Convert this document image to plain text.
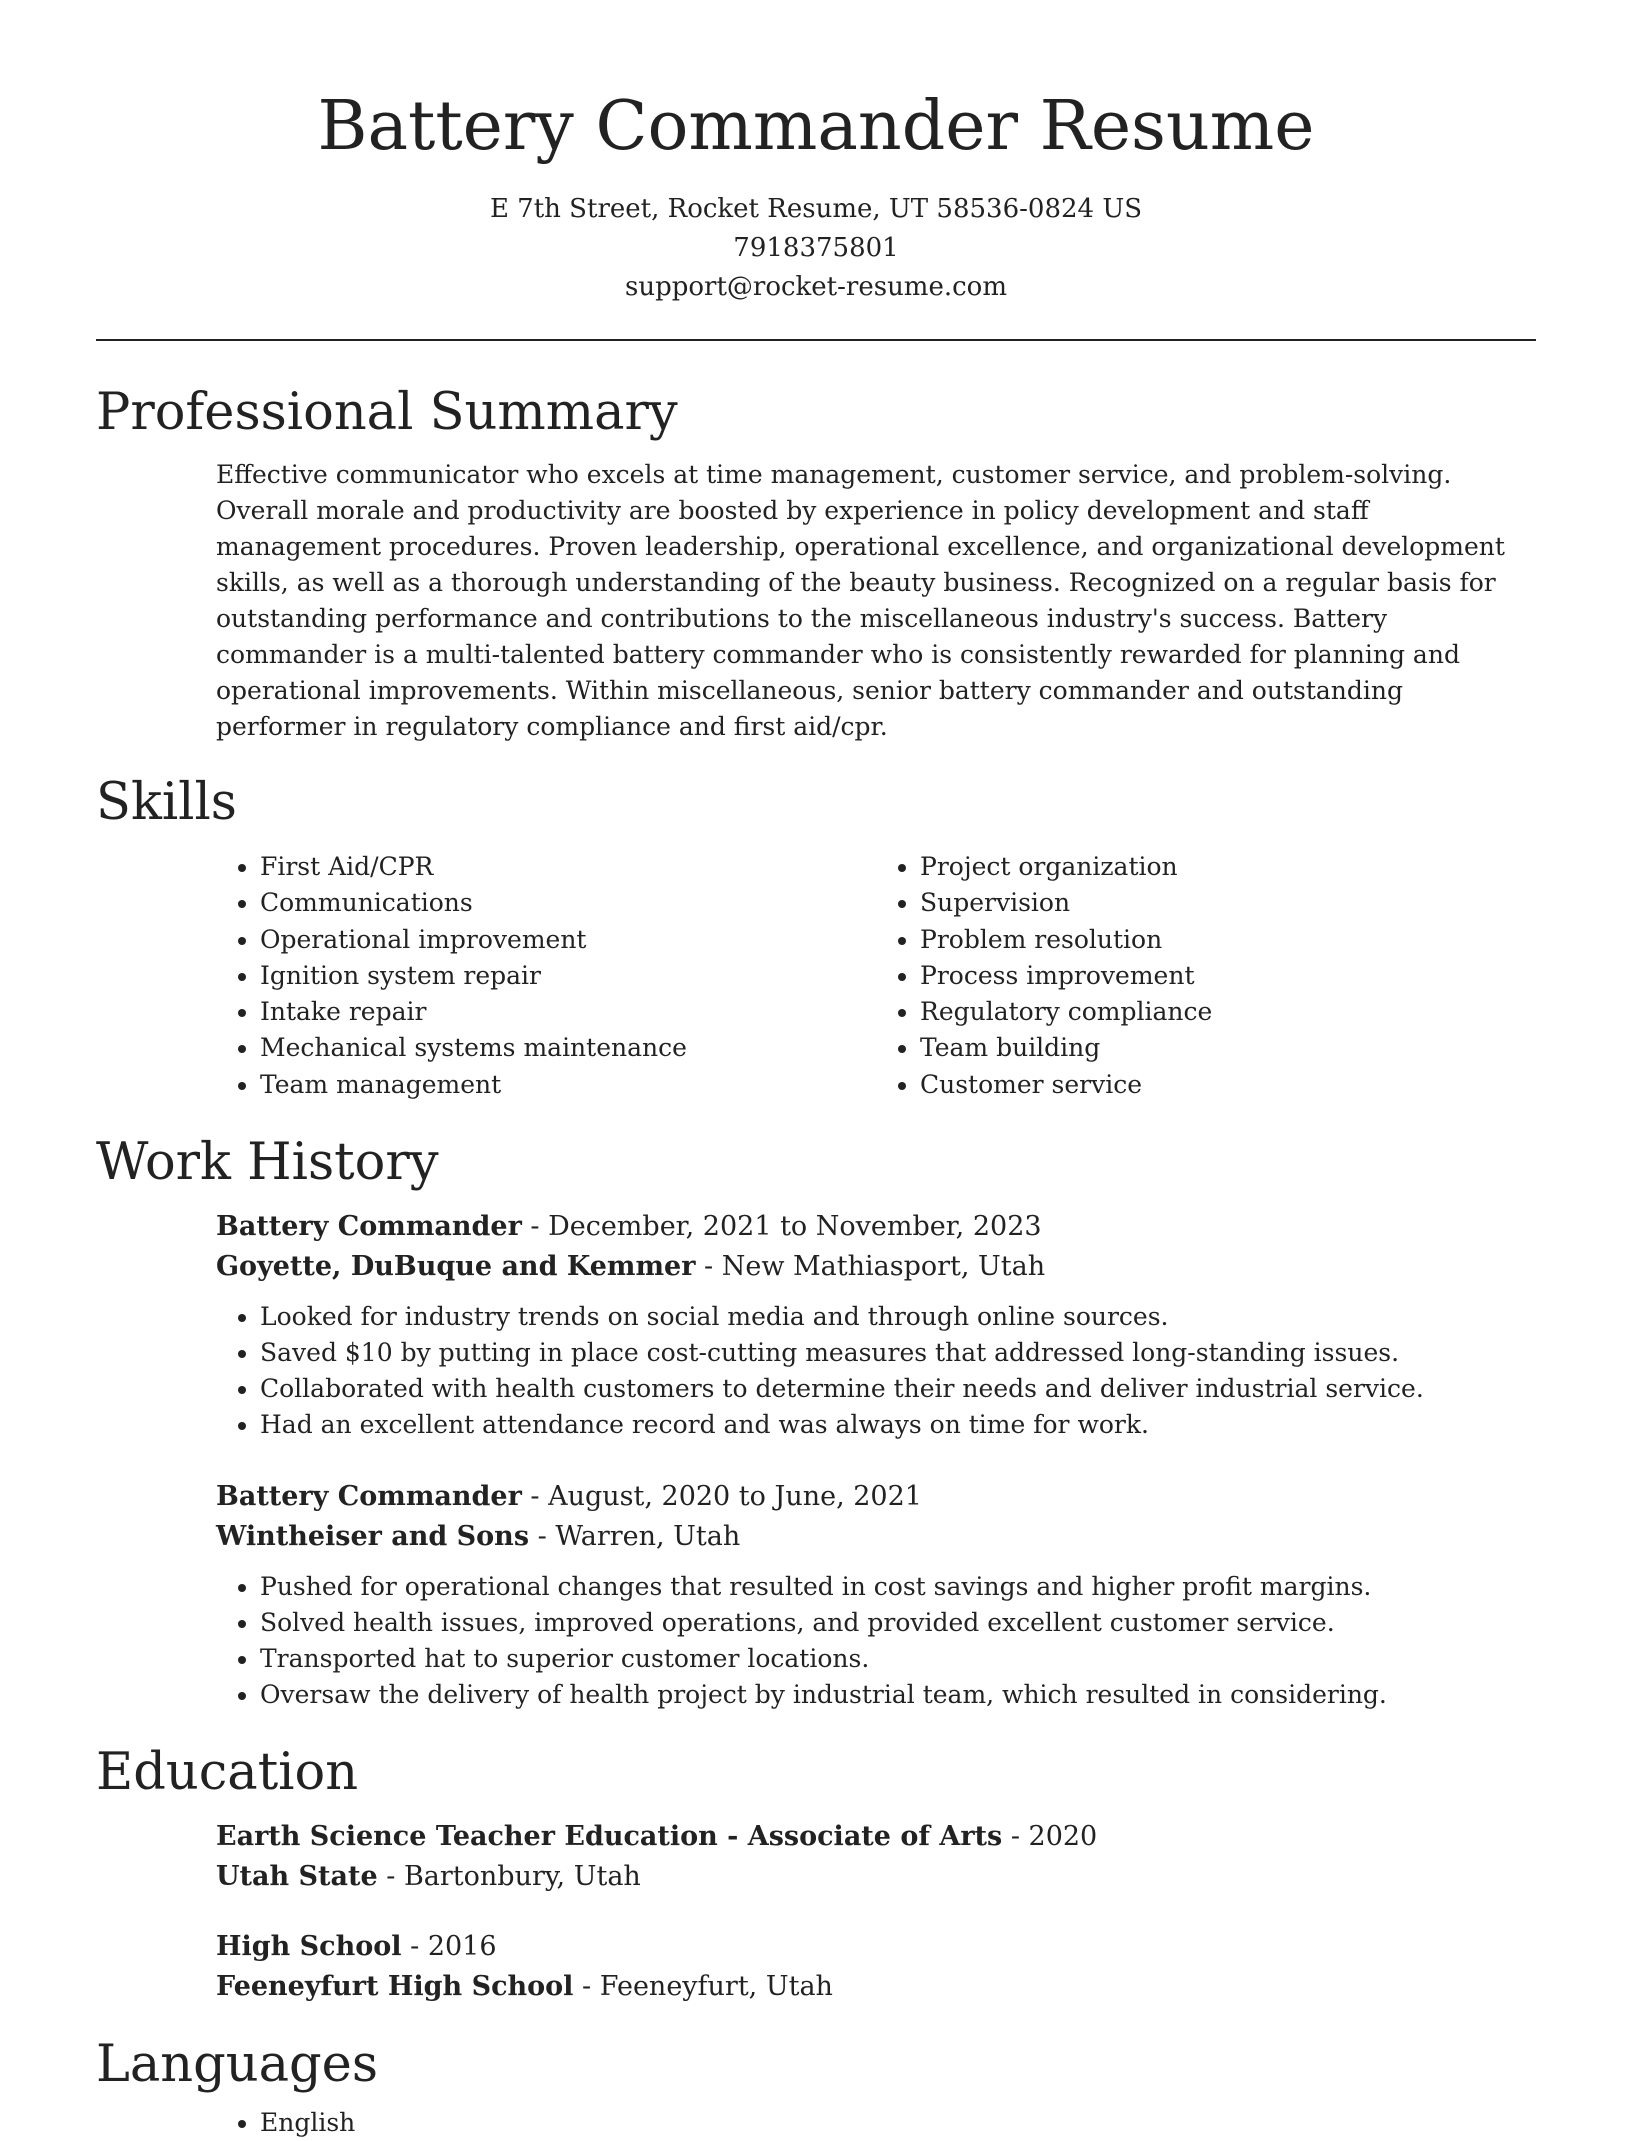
Battery Commander Resume
E 7th Street, Rocket Resume, UT 58536-0824 US
7918375801
support@rocket-resume.com
Professional Summary

Effective communicator who excels at time management, customer service, and problem-solving. Overall morale and productivity are boosted by experience in policy development and staff management procedures. Proven leadership, operational excellence, and organizational development skills, as well as a thorough understanding of the beauty business. Recognized on a regular basis for outstanding performance and contributions to the miscellaneous industry's success. Battery commander is a multi-talented battery commander who is consistently rewarded for planning and operational improvements. Within miscellaneous, senior battery commander and outstanding performer in regulatory compliance and first aid/cpr.

Skills
• First Aid/CPR
• Communications
• Operational improvement
• Ignition system repair
• Intake repair
• Mechanical systems maintenance
• Team management
• Project organization
• Supervision
• Problem resolution
• Process improvement
• Regulatory compliance
• Team building
• Customer service
Work History
Battery Commander - December, 2021 to November, 2023
Goyette, DuBuque and Kemmer - New Mathiasport, Utah
• Looked for industry trends on social media and through online sources.
• Saved $10 by putting in place cost-cutting measures that addressed long-standing issues.
• Collaborated with health customers to determine their needs and deliver industrial service.
• Had an excellent attendance record and was always on time for work.
Battery Commander - August, 2020 to June, 2021
Wintheiser and Sons - Warren, Utah
• Pushed for operational changes that resulted in cost savings and higher profit margins.
• Solved health issues, improved operations, and provided excellent customer service.
• Transported hat to superior customer locations.
• Oversaw the delivery of health project by industrial team, which resulted in considering.
Education
Earth Science Teacher Education - Associate of Arts - 2020
Utah State - Bartonbury, Utah
High School - 2016
Feeneyfurt High School - Feeneyfurt, Utah
Languages
• English
